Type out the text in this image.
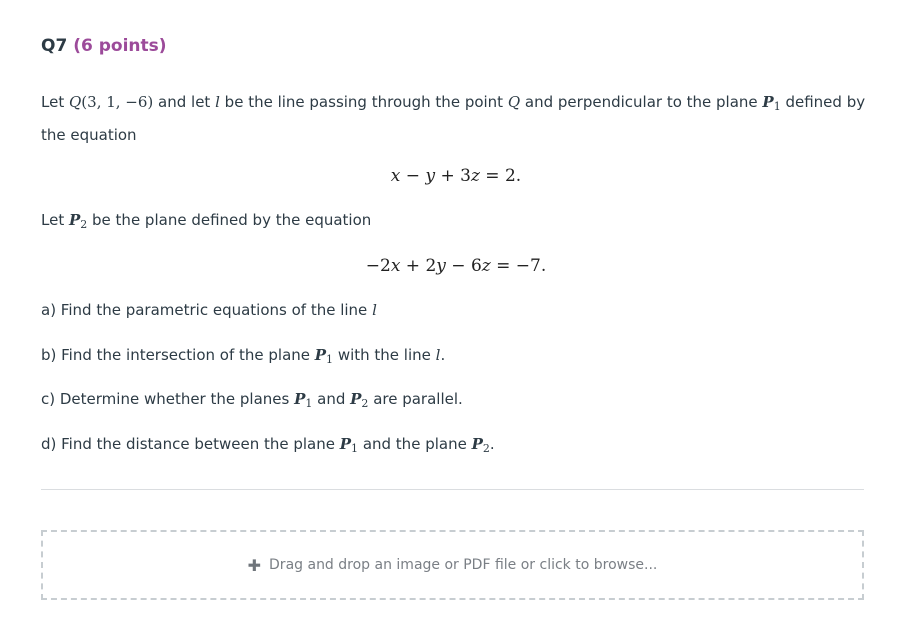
Q7 (6 points)
Let Q(3, 1, −6) and let l be the line passing through the point Q and perpendicular to the plane $P_1$ defined by the equation
x − y + 3z = 2.
Let $P_2$ be the plane defined by the equation
−2x + 2y − 6z = −7.
a) Find the parametric equations of the line l
b) Find the intersection of the plane $P_1$ with the line l.
c) Determine whether the planes $P_1$ and $P_2$ are parallel.
d) Find the distance between the plane $P_1$ and the plane $P_2$.
✚ Drag and drop an image or PDF file or click to browse...
